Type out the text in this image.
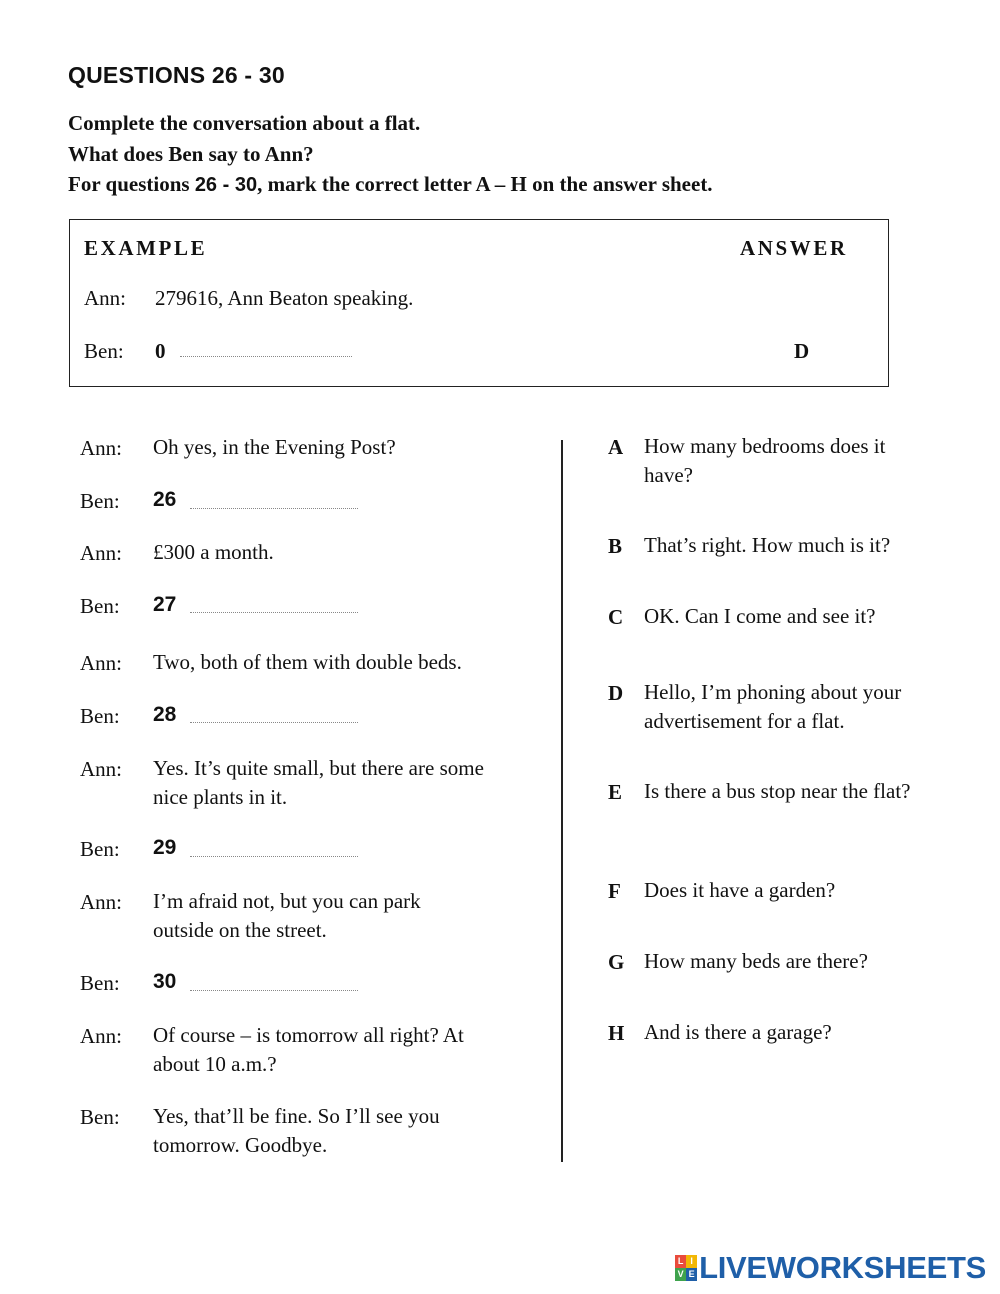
QUESTIONS 26 - 30
Complete the conversation about a flat.
What does Ben say to Ann?
For questions 26 - 30, mark the correct letter A – H on the answer sheet.
EXAMPLE	ANSWER
Ann: 279616, Ann Beaton speaking.
Ben: 0	D
Ann: Oh yes, in the Evening Post?
Ben: 26
Ann: £300 a month.
Ben: 27
Ann: Two, both of them with double beds.
Ben: 28
Ann: Yes. It’s quite small, but there are some nice plants in it.
Ben: 29
Ann: I’m afraid not, but you can park outside on the street.
Ben: 30
Ann: Of course – is tomorrow all right? At about 10 a.m.?
Ben: Yes, that’ll be fine. So I’ll see you tomorrow. Goodbye.
A How many bedrooms does it have?
B That’s right. How much is it?
C OK. Can I come and see it?
D Hello, I’m phoning about your advertisement for a flat.
E Is there a bus stop near the flat?
F Does it have a garden?
G How many beds are there?
H And is there a garage?
L I
V E LIVEWORKSHEETS
